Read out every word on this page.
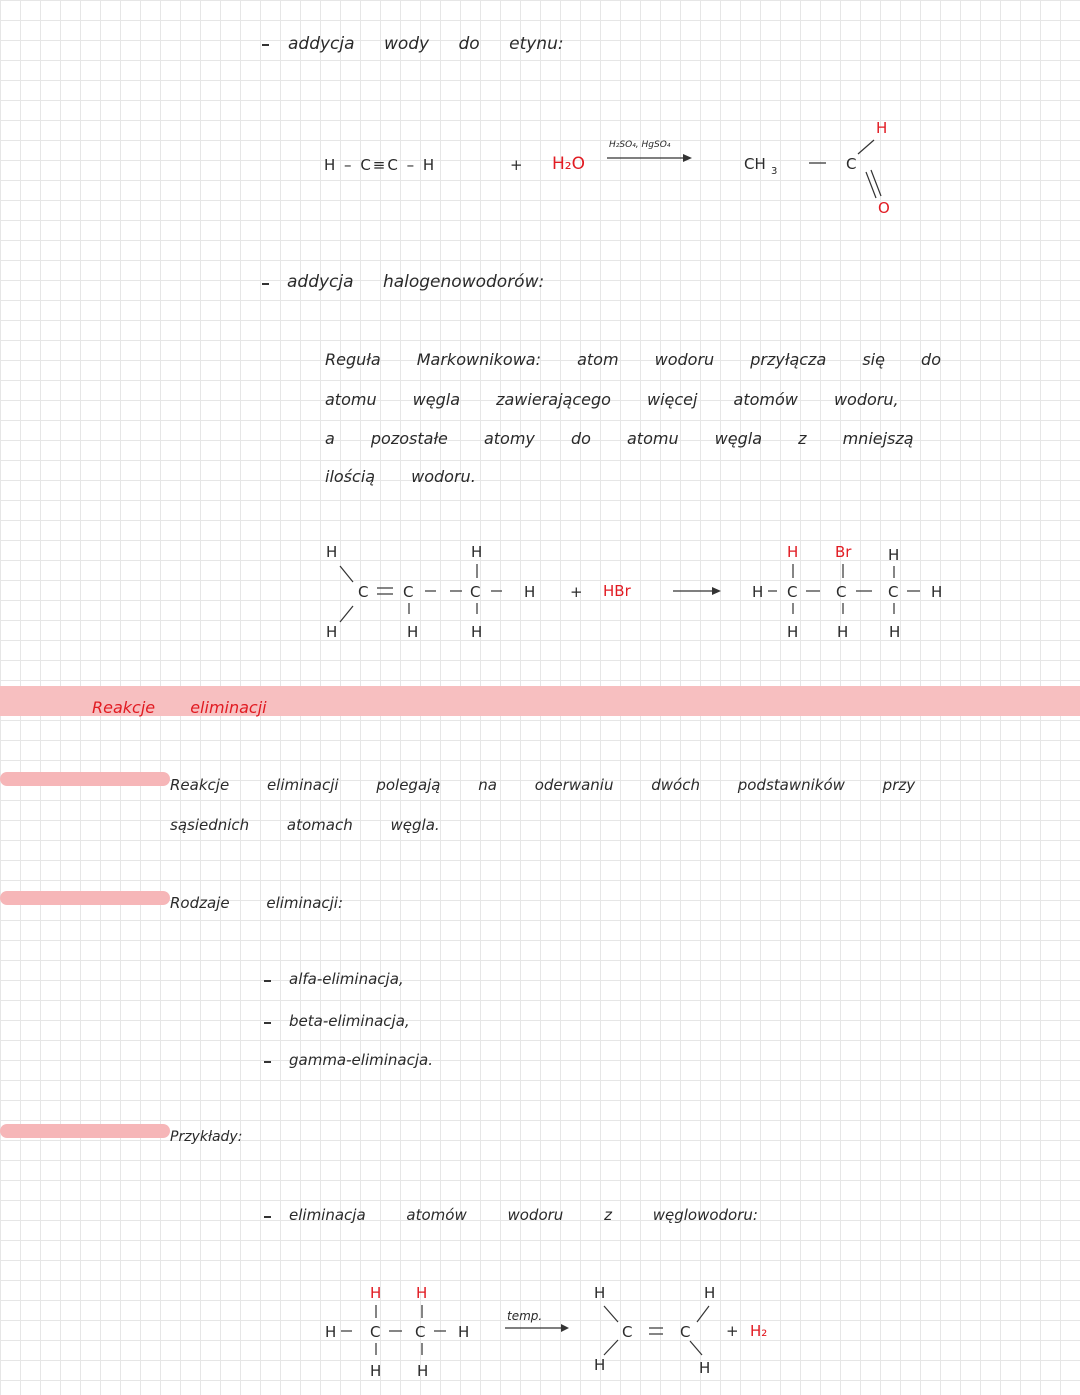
addycja wody do etynu:
H – C≡C – H	+ H₂O	CH 3	C
H
O
H
H
C C
H
C
H
H
H	H C
H
H
C
Br
H
C
H
H
H
H C
H
H
C
H
H
H
H
H
C	C
H
H
H₂SO₄, HgSO₄
addycja halogenowodorów:
Reguła Markownikowa: atom wodoru przyłącza się do
atomu węgla zawierającego więcej atomów wodoru,
a pozostałe atomy do atomu węgla z mniejszą
ilością wodoru.
+ HBr
Reakcje eliminacji
Reakcje eliminacji polegają na oderwaniu dwóch podstawników przy
sąsiednich atomach węgla.
Rodzaje eliminacji:
alfa-eliminacja,
beta-eliminacja,
gamma-eliminacja.
Przykłady:
eliminacja atomów wodoru z węglowodoru:
temp.
+ H₂
